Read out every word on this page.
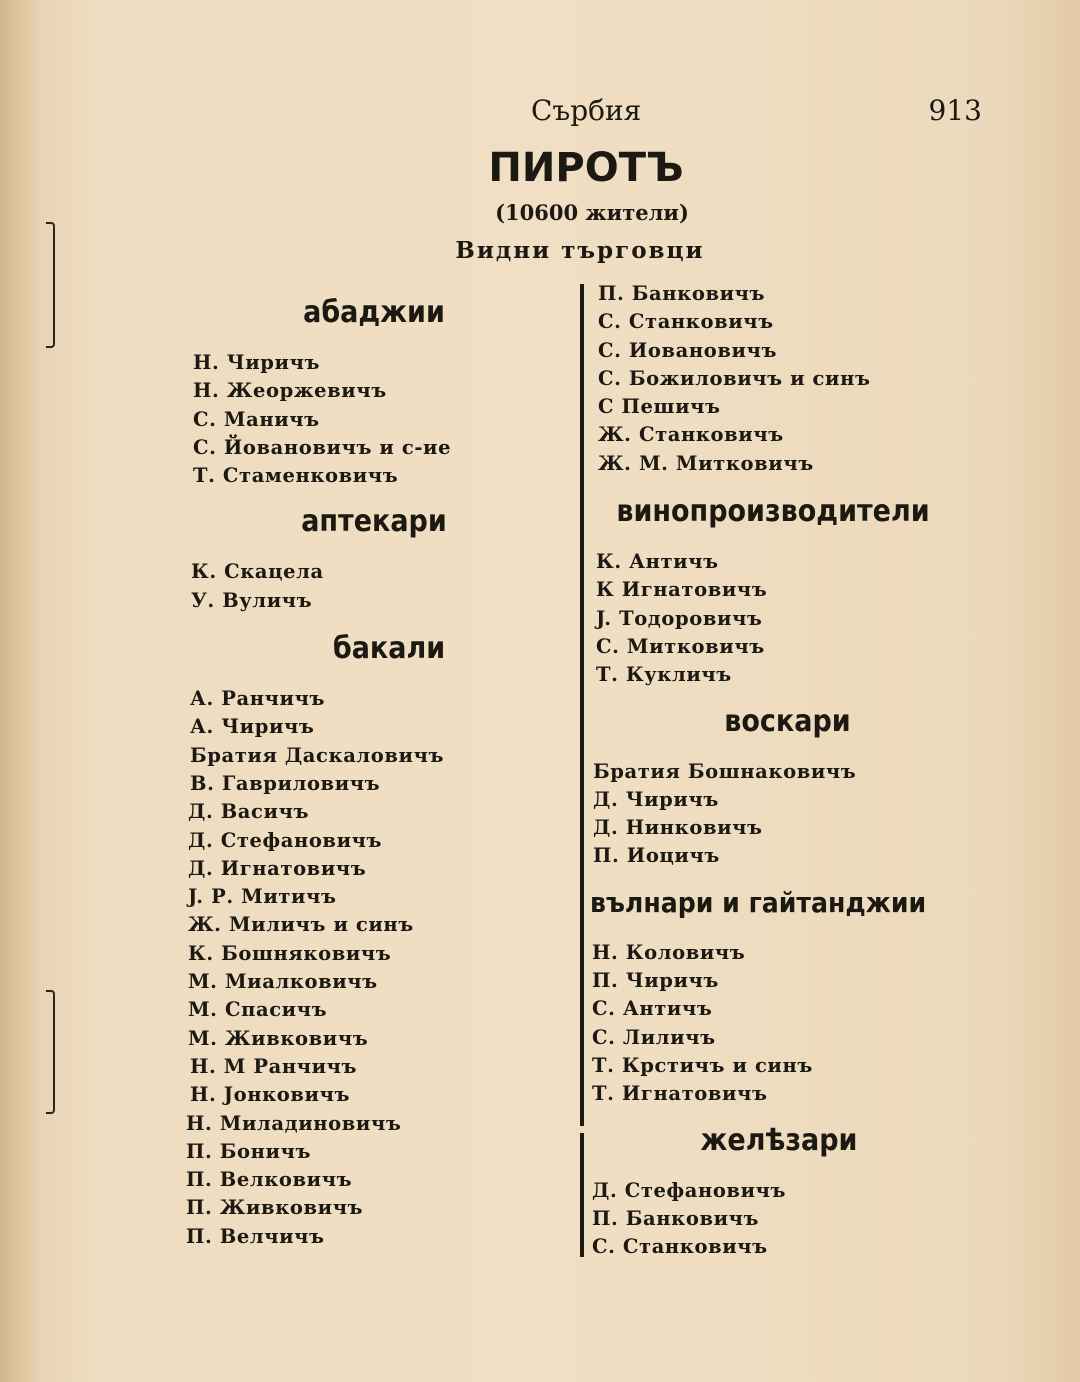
Сърбия	913
ПИРОТЪ
(10600 жители)
Видни търговци
абаджии
Н. Чиричъ
Н. Жеоржевичъ
С. Маничъ
С. Йовановичъ и с-ие
Т. Стаменковичъ
аптекари
К. Скацела
У. Вуличъ
бакали
А. Ранчичъ
А. Чиричъ
Братия Даскаловичъ
В. Гавриловичъ
Д. Васичъ
Д. Стефановичъ
Д. Игнатовичъ
J. Р. Митичъ
Ж. Миличъ и синъ
К. Бошняковичъ
М. Миалковичъ
М. Спасичъ
М. Живковичъ
Н. М Ранчичъ
Н. Jонковичъ
Н. Миладиновичъ
П. Боничъ
П. Велковичъ
П. Живковичъ
П. Велчичъ
П. Банковичъ
С. Станковичъ
С. Иовановичъ
С. Божиловичъ и синъ
С Пешичъ
Ж. Станковичъ
Ж. М. Митковичъ
винопроизводители
К. Античъ
К Игнатовичъ
J. Тодоровичъ
С. Митковичъ
Т. Кукличъ
воскари
Братия Бошнаковичъ
Д. Чиричъ
Д. Нинковичъ
П. Иоцичъ
вълнари и гайтанджии
Н. Коловичъ
П. Чиричъ
С. Античъ
С. Лиличъ
Т. Крстичъ и синъ
Т. Игнатовичъ
желѣзари
Д. Стефановичъ
П. Банковичъ
С. Станковичъ
